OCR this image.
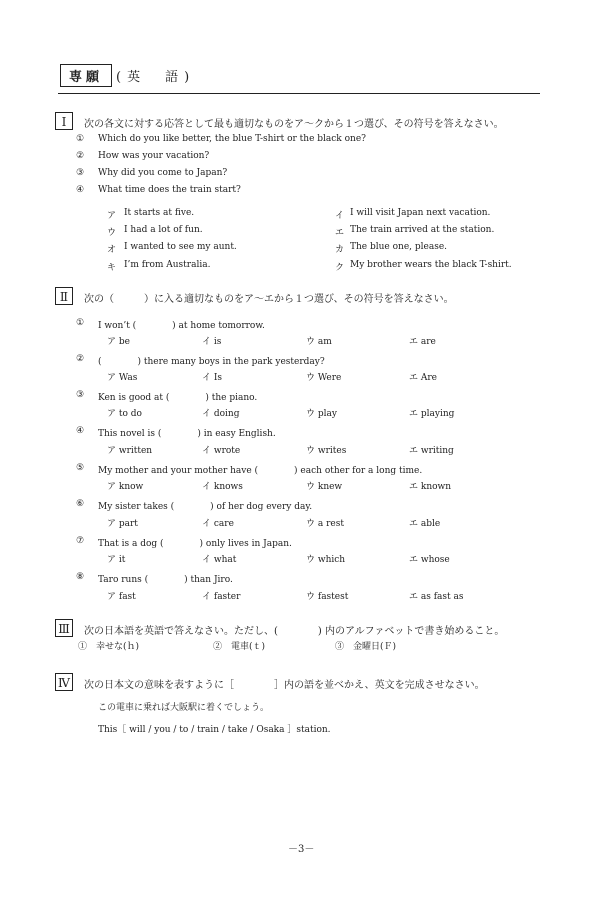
専願 (英　語)
Ⅰ	次の各文に対する応答として最も適切なものをア〜クから１つ選び、その符号を答えなさい。
① Which do you like better, the blue T-shirt or the black one?
② How was your vacation?
③ Why did you come to Japan?
④ What time does the train start?
ア It starts at five.	イ I will visit Japan next vacation.
ウ I had a lot of fun.	エ The train arrived at the station.
オ I wanted to see my aunt.	カ The blue one, please.
キ I’m from Australia.	ク My brother wears the black T-shirt.
Ⅱ	次の（　　　）に入る適切なものをア〜エから１つ選び、その符号を答えなさい。
① I won’t (　　　　) at home tomorrow.
ア be	イ is	ウ am	エ are
② (　　　　) there many boys in the park yesterday?
ア Was	イ Is	ウ Were	エ Are
③ Ken is good at (　　　　) the piano.
ア to do	イ doing	ウ play	エ playing
④ This novel is (　　　　) in easy English.
ア written	イ wrote	ウ writes	エ writing
⑤ My mother and your mother have (　　　　) each other for a long time.
ア know	イ knows	ウ knew	エ known
⑥ My sister takes (　　　　) of her dog every day.
ア part	イ care	ウ a rest	エ able
⑦ That is a dog (　　　　) only lives in Japan.
ア it	イ what	ウ which	エ whose
⑧ Taro runs (　　　　) than Jiro.
ア fast	イ faster	ウ fastest	エ as fast as
Ⅲ	次の日本語を英語で答えなさい。ただし、(　　　　) 内のアルファベットで書き始めること。
①　幸せな(ｈ)	②　電車(ｔ)	③　金曜日(Ｆ)
Ⅳ	次の日本文の意味を表すように［　　　　］内の語を並べかえ、英文を完成させなさい。
この電車に乗れば大阪駅に着くでしょう。
This［ will / you / to / train / take / Osaka ］station.
－3－
